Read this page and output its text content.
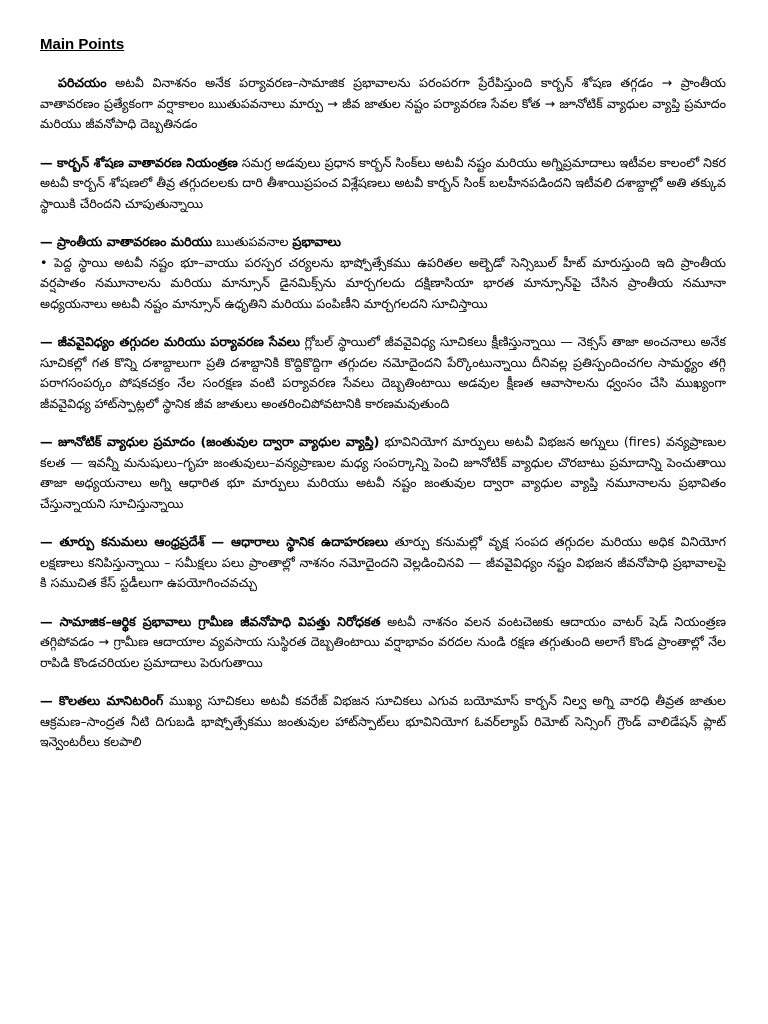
Main Points

పరిచయం అటవీ వినాశనం అనేక పర్యావరణ–సామాజిక ప్రభావాలను పరంపరగా ప్రేరేపిస్తుంది కార్బన్ శోషణ తగ్గడం → ప్రాంతీయ వాతావరణం ప్రత్యేకంగా వర్షాకాలం ఋతుపవనాలు మార్పు → జీవ జాతుల నష్టం పర్యావరణ సేవల కోత → జూనోటిక్ వ్యాధుల వ్యాప్తి ప్రమాదం మరియు జీవనోపాధి దెబ్బతినడం

— కార్బన్ శోషణ వాతావరణ నియంత్రణ సమగ్ర అడవులు ప్రధాన కార్బన్ సింక్‌లు అటవీ నష్టం మరియు అగ్నిప్రమాదాలు ఇటీవల కాలంలో నికర అటవీ కార్బన్ శోషణలో తీవ్ర తగ్గుదలలకు దారి తీశాయిప్రపంచ విశ్లేషణలు అటవీ కార్బన్ సింక్ బలహీనపడిందని ఇటీవలి దశాబ్దాల్లో అతి తక్కువ స్థాయికి చేరిందని చూపుతున్నాయి

— ప్రాంతీయ వాతావరణం మరియు ఋతుపవనాల ప్రభావాలు
• పెద్ద స్థాయి అటవీ నష్టం భూ–వాయు పరస్పర చర్యలను భాష్పోత్సేకము ఉపరితల అల్బెడో సెన్సిబుల్ హీట్ మారుస్తుంది ఇది ప్రాంతీయ వర్షపాతం నమూనాలను మరియు మాన్సూన్ డైనమిక్స్‌ను మార్చగలదు దక్షిణాసియా భారత మాన్సూన్‌పై చేసిన ప్రాంతీయ నమూనా అధ్యయనాలు అటవీ నష్టం మాన్సూన్ ఉధృతిని మరియు పంపిణీని మార్చగలదని సూచిస్తాయి

— జీవవైవిధ్యం తగ్గుదల మరియు పర్యావరణ సేవలు గ్లోబల్ స్థాయిలో జీవవైవిధ్య సూచికలు క్షీణిస్తున్నాయి — నెక్సస్ తాజా అంచనాలు అనేక సూచికల్లో గత కొన్ని దశాబ్దాలుగా ప్రతి దశాబ్దానికి కొద్దికొద్దిగా తగ్గుదల నమోదైందని పేర్కొంటున్నాయి దీనివల్ల ప్రతిస్పందించగల సామర్థ్యం తగ్గి పరాగసంపర్కం పోషకచక్రం నేల సంరక్షణ వంటి పర్యావరణ సేవలు దెబ్బతింటాయి అడవుల క్షీణత ఆవాసాలను ధ్వంసం చేసి ముఖ్యంగా జీవవైవిధ్య హాట్‌స్పాట్లలో స్థానిక జీవ జాతులు అంతరించిపోవటానికి కారణమవుతుంది

— జూనోటిక్ వ్యాధుల ప్రమాదం (జంతువుల ద్వారా వ్యాధుల వ్యాప్తి) భూవినియోగ మార్పులు అటవీ విభజన అగ్నులు (fires) వన్యప్రాణుల కలత — ఇవన్నీ మనుషులు–గృహ జంతువులు–వన్యప్రాణుల మధ్య సంపర్కాన్ని పెంచి జూనోటిక్ వ్యాధుల చొరబాటు ప్రమాదాన్ని పెంచుతాయి తాజా అధ్యయనాలు అగ్ని ఆధారిత భూ మార్పులు మరియు అటవీ నష్టం జంతువుల ద్వారా వ్యాధుల వ్యాప్తి నమూనాలను ప్రభావితం చేస్తున్నాయని సూచిస్తున్నాయి

— తూర్పు కనుమలు ఆంధ్రప్రదేశ్ — ఆధారాలు స్థానిక ఉదాహరణలు తూర్పు కనుమల్లో వృక్ష సంపద తగ్గుదల మరియు అధిక వినియోగ లక్షణాలు కనిపిస్తున్నాయి – సమీక్షలు పలు ప్రాంతాల్లో నాశనం నమోదైందని వెల్లడించినవి — జీవవైవిధ్యం నష్టం విభజన జీవనోపాధి ప్రభావాలపై కి సముచిత కేస్ స్టడీలుగా ఉపయోగించవచ్చు

— సామాజిక–ఆర్థిక ప్రభావాలు గ్రామీణ జీవనోపాధి విపత్తు నిరోధకత అటవీ నాశనం వలన వంటచెఱకు ఆదాయం వాటర్ షెడ్ నియంత్రణ తగ్గిపోవడం → గ్రామీణ ఆదాయాల వ్యవసాయ సుస్థిరత దెబ్బతింటాయి వర్షాభావం వరదల నుండి రక్షణ తగ్గుతుంది అలాగే కొండ ప్రాంతాల్లో నేల రాపిడి కొండచరియల ప్రమాదాలు పెరుగుతాయి

— కొలతలు మానిటరింగ్ ముఖ్య సూచికలు అటవీ కవరేజ్ విభజన సూచికలు ఎగువ బయోమాస్ కార్బన్ నిల్వ అగ్ని వారధి తీవ్రత జాతుల ఆక్రమణ–సాంద్రత నీటి దిగుబడి భాష్పోత్సేకము జంతువుల హాట్‌స్పాట్‌లు భూవినియోగ ఓవర్‌ల్యాప్ రిమోట్ సెన్సింగ్ గ్రౌండ్ వాలిడేషన్ ప్లాట్ ఇన్వెంటరీలు కలపాలి
